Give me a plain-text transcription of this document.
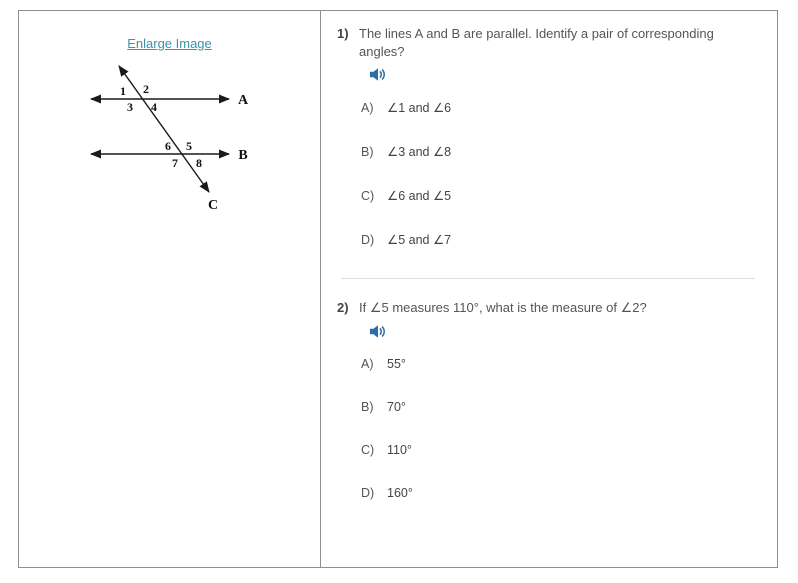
Enlarge Image
A
B
C
1 2
3 4
6 5
7 8
1) The lines A and B are parallel. Identify a pair of corresponding angles?
A)	∠1 and ∠6
B)	∠3 and ∠8
C)	∠6 and ∠5
D)	∠5 and ∠7
2) If ∠5 measures 110°, what is the measure of ∠2?
A)	55°
B)	70°
C)	110°
D)	160°
